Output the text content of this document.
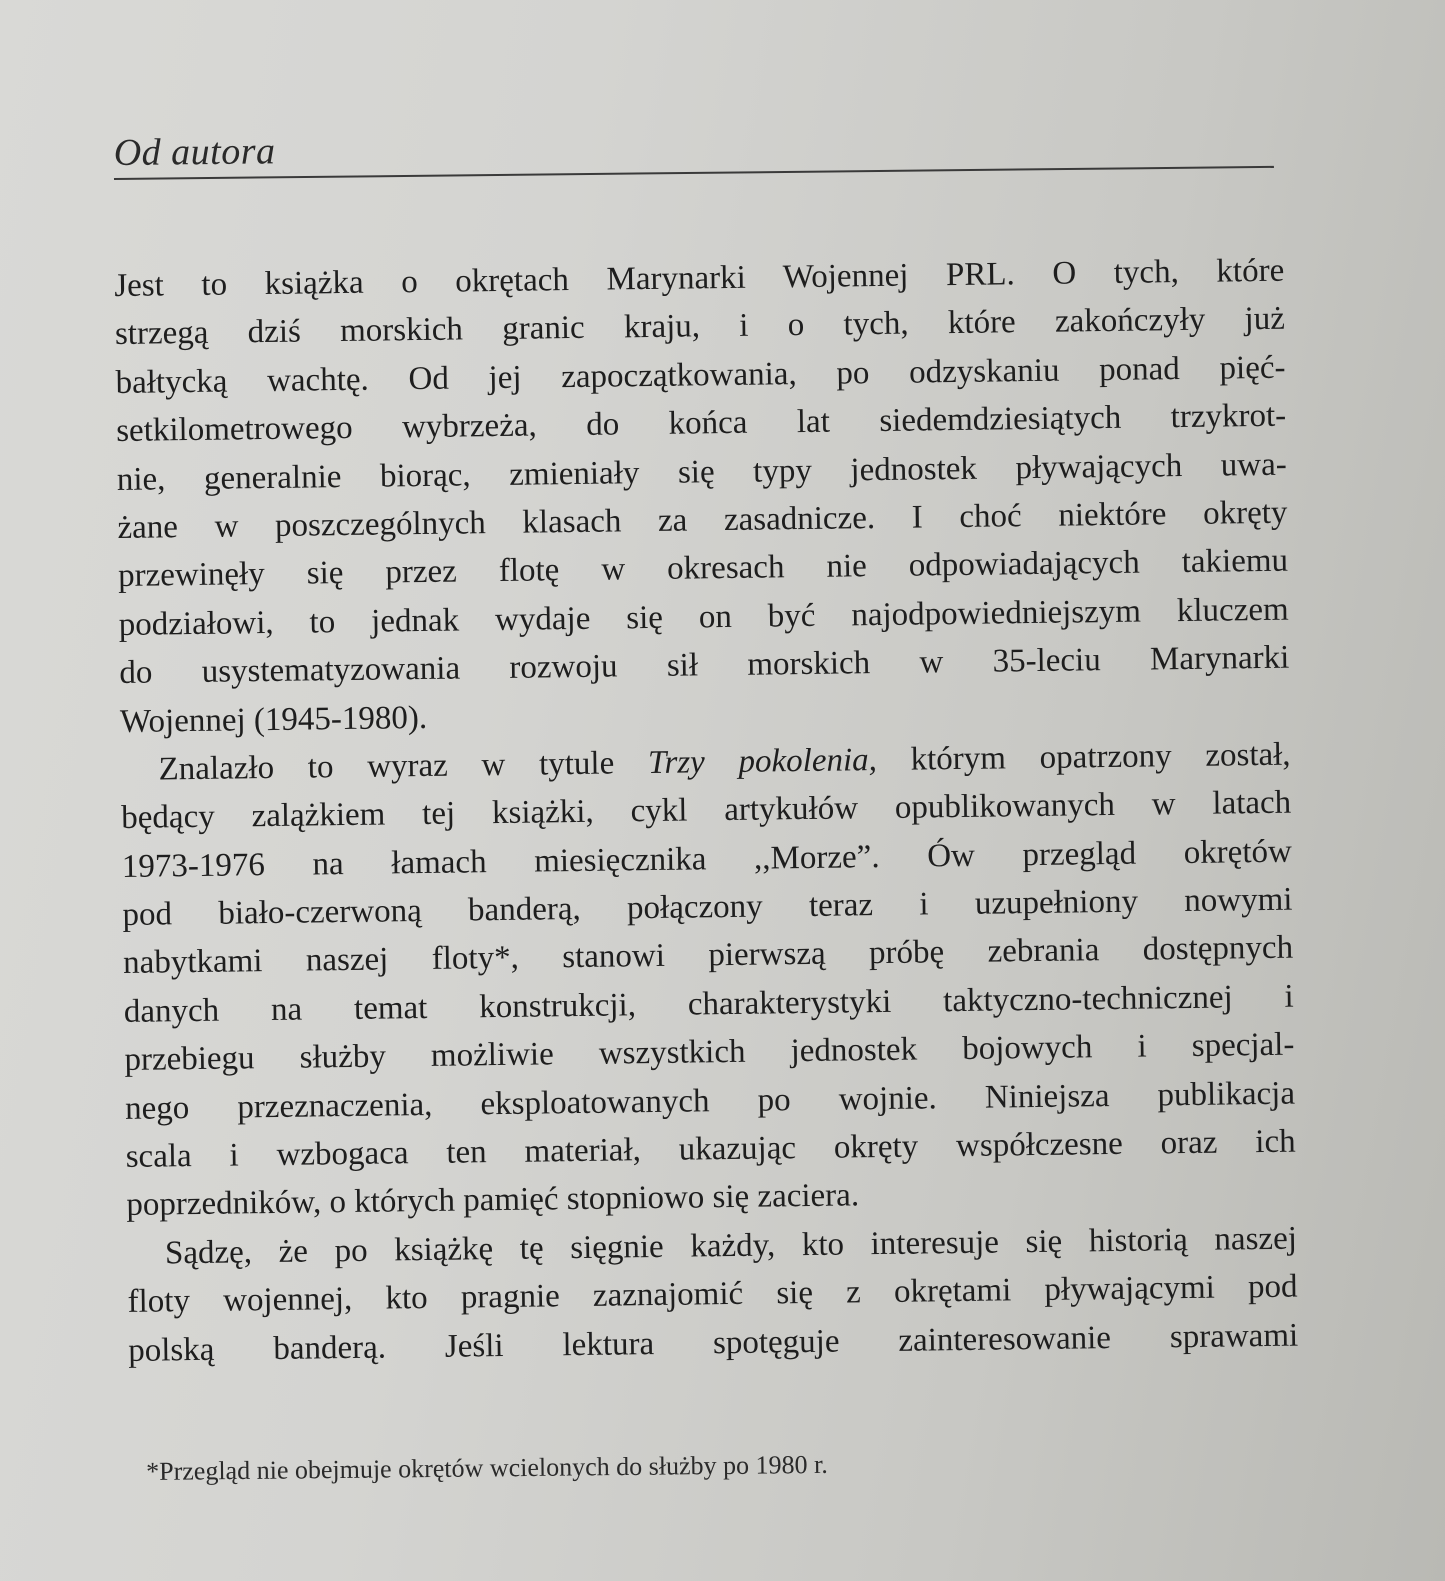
Od autora
Jest to książka o okrętach Marynarki Wojennej PRL. O tych, które
strzegą dziś morskich granic kraju, i o tych, które zakończyły już
bałtycką wachtę. Od jej zapoczątkowania, po odzyskaniu ponad pięć-
setkilometrowego wybrzeża, do końca lat siedemdziesiątych trzykrot-
nie, generalnie biorąc, zmieniały się typy jednostek pływających uwa-
żane w poszczególnych klasach za zasadnicze. I choć niektóre okręty
przewinęły się przez flotę w okresach nie odpowiadających takiemu
podziałowi, to jednak wydaje się on być najodpowiedniejszym kluczem
do usystematyzowania rozwoju sił morskich w 35-leciu Marynarki
Wojennej (1945-1980).
Znalazło to wyraz w tytule Trzy pokolenia, którym opatrzony został,
będący zalążkiem tej książki, cykl artykułów opublikowanych w latach
1973-1976 na łamach miesięcznika ,,Morze”. Ów przegląd okrętów
pod biało-czerwoną banderą, połączony teraz i uzupełniony nowymi
nabytkami naszej floty*, stanowi pierwszą próbę zebrania dostępnych
danych na temat konstrukcji, charakterystyki taktyczno-technicznej i
przebiegu służby możliwie wszystkich jednostek bojowych i specjal-
nego przeznaczenia, eksploatowanych po wojnie. Niniejsza publikacja
scala i wzbogaca ten materiał, ukazując okręty współczesne oraz ich
poprzedników, o których pamięć stopniowo się zaciera.
Sądzę, że po książkę tę sięgnie każdy, kto interesuje się historią naszej
floty wojennej, kto pragnie zaznajomić się z okrętami pływającymi pod
polską banderą. Jeśli lektura spotęguje zainteresowanie sprawami
*Przegląd nie obejmuje okrętów wcielonych do służby po 1980 r.
